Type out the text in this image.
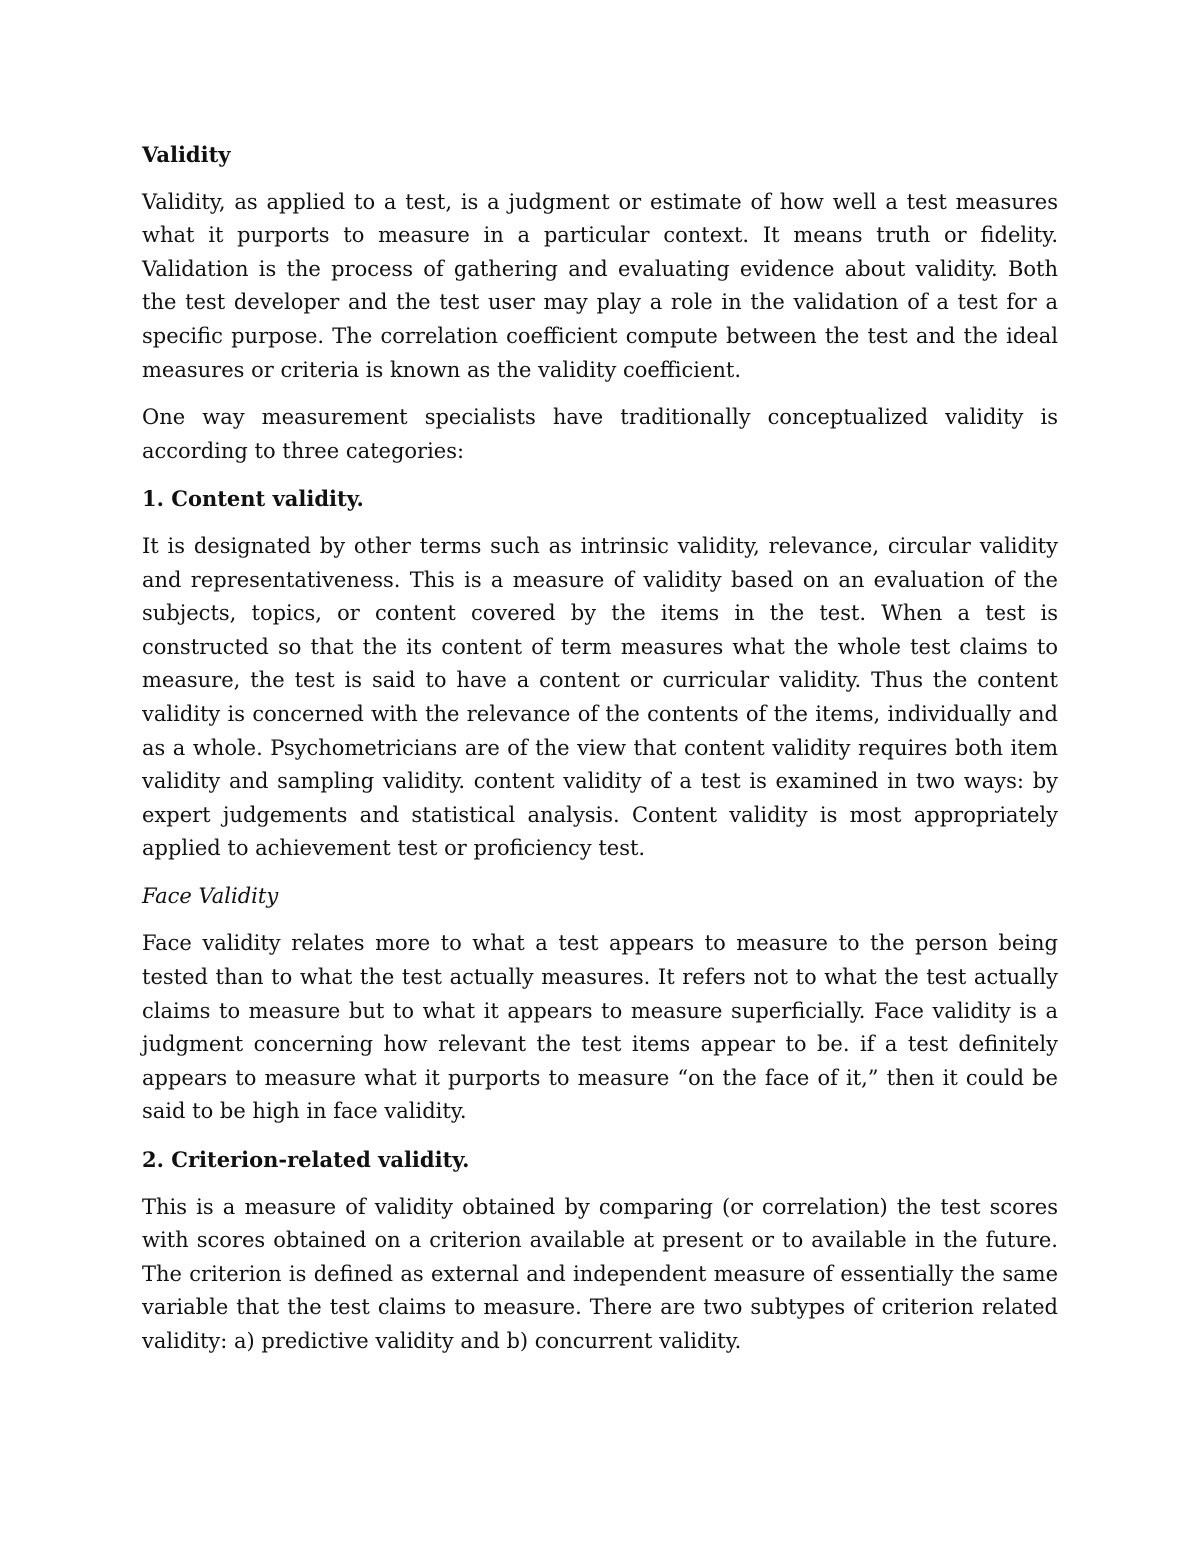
Validity

Validity, as applied to a test, is a judgment or estimate of how well a test measures what it purports to measure in a particular context. It means truth or fidelity. Validation is the process of gathering and evaluating evidence about validity. Both the test developer and the test user may play a role in the validation of a test for a specific purpose. The correlation coefficient compute between the test and the ideal measures or criteria is known as the validity coefficient.

One way measurement specialists have traditionally conceptualized validity is according to three categories:

1. Content validity.

It is designated by other terms such as intrinsic validity, relevance, circular validity and representativeness. This is a measure of validity based on an evaluation of the subjects, topics, or content covered by the items in the test. When a test is constructed so that the its content of term measures what the whole test claims to measure, the test is said to have a content or curricular validity. Thus the content validity is concerned with the relevance of the contents of the items, individually and as a whole. Psychometricians are of the view that content validity requires both item validity and sampling validity. content validity of a test is examined in two ways: by expert judgements and statistical analysis. Content validity is most appropriately applied to achievement test or proficiency test.

Face Validity

Face validity relates more to what a test appears to measure to the person being tested than to what the test actually measures. It refers not to what the test actually claims to measure but to what it appears to measure superficially. Face validity is a judgment concerning how relevant the test items appear to be. if a test definitely appears to measure what it purports to measure “on the face of it,” then it could be said to be high in face validity.

2. Criterion-related validity.

This is a measure of validity obtained by comparing (or correlation) the test scores with scores obtained on a criterion available at present or to available in the future. The criterion is defined as external and independent measure of essentially the same variable that the test claims to measure. There are two subtypes of criterion related validity: a) predictive validity and b) concurrent validity.
